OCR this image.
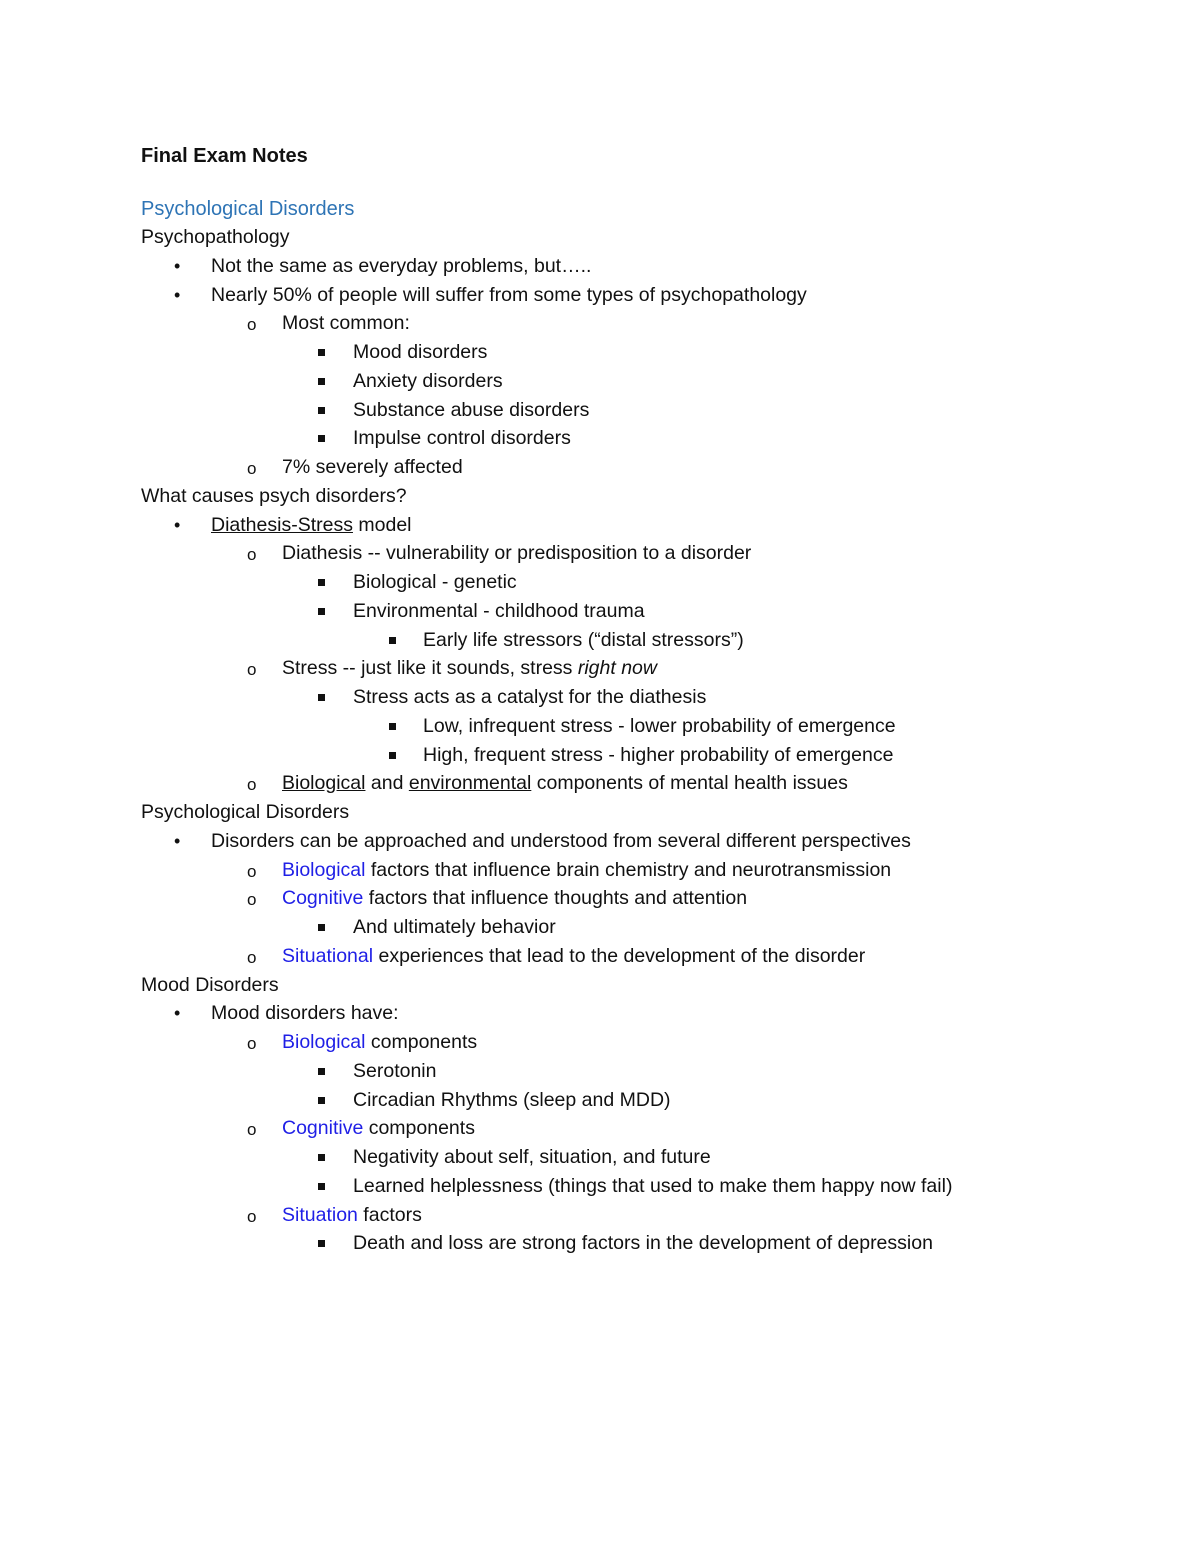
Final Exam Notes
Psychological Disorders
Psychopathology
• Not the same as everyday problems, but…..
• Nearly 50% of people will suffer from some types of psychopathology
o Most common:
Mood disorders
Anxiety disorders
Substance abuse disorders
Impulse control disorders
o 7% severely affected
What causes psych disorders?
• Diathesis-Stress model
o Diathesis -- vulnerability or predisposition to a disorder
Biological - genetic
Environmental - childhood trauma
Early life stressors (“distal stressors”)
o Stress -- just like it sounds, stress right now
Stress acts as a catalyst for the diathesis
Low, infrequent stress - lower probability of emergence
High, frequent stress - higher probability of emergence
o Biological and environmental components of mental health issues
Psychological Disorders
• Disorders can be approached and understood from several different perspectives
o Biological factors that influence brain chemistry and neurotransmission
o Cognitive factors that influence thoughts and attention
And ultimately behavior
o Situational experiences that lead to the development of the disorder
Mood Disorders
• Mood disorders have:
o Biological components
Serotonin
Circadian Rhythms (sleep and MDD)
o Cognitive components
Negativity about self, situation, and future
Learned helplessness (things that used to make them happy now fail)
o Situation factors
Death and loss are strong factors in the development of depression
